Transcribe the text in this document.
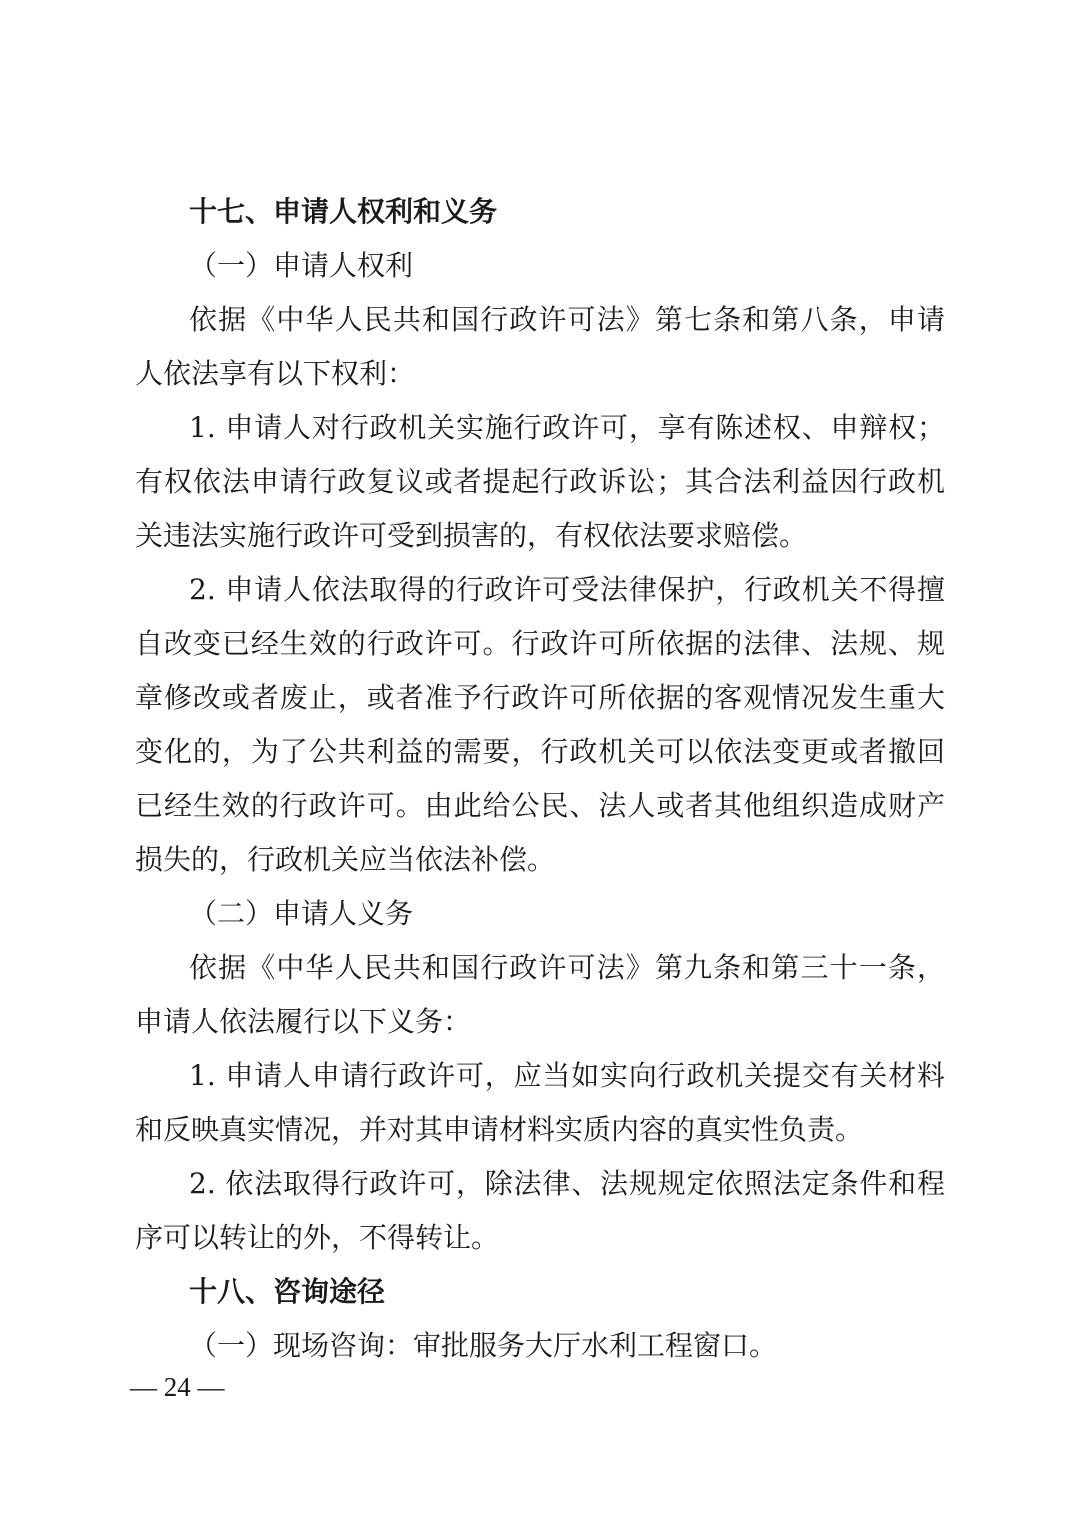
十七、申请人权利和义务
（一）申请人权利
依据《中华人民共和国行政许可法》第七条和第八条，申请
人依法享有以下权利：
1. 申请人对行政机关实施行政许可，享有陈述权、申辩权；
有权依法申请行政复议或者提起行政诉讼；其合法利益因行政机
关违法实施行政许可受到损害的，有权依法要求赔偿。
2. 申请人依法取得的行政许可受法律保护，行政机关不得擅
自改变已经生效的行政许可。行政许可所依据的法律、法规、规
章修改或者废止，或者准予行政许可所依据的客观情况发生重大
变化的，为了公共利益的需要，行政机关可以依法变更或者撤回
已经生效的行政许可。由此给公民、法人或者其他组织造成财产
损失的，行政机关应当依法补偿。
（二）申请人义务
依据《中华人民共和国行政许可法》第九条和第三十一条，
申请人依法履行以下义务：
1. 申请人申请行政许可，应当如实向行政机关提交有关材料
和反映真实情况，并对其申请材料实质内容的真实性负责。
2. 依法取得行政许可，除法律、法规规定依照法定条件和程
序可以转让的外，不得转让。
十八、咨询途径
（一）现场咨询：审批服务大厅水利工程窗口。
— 24 —
